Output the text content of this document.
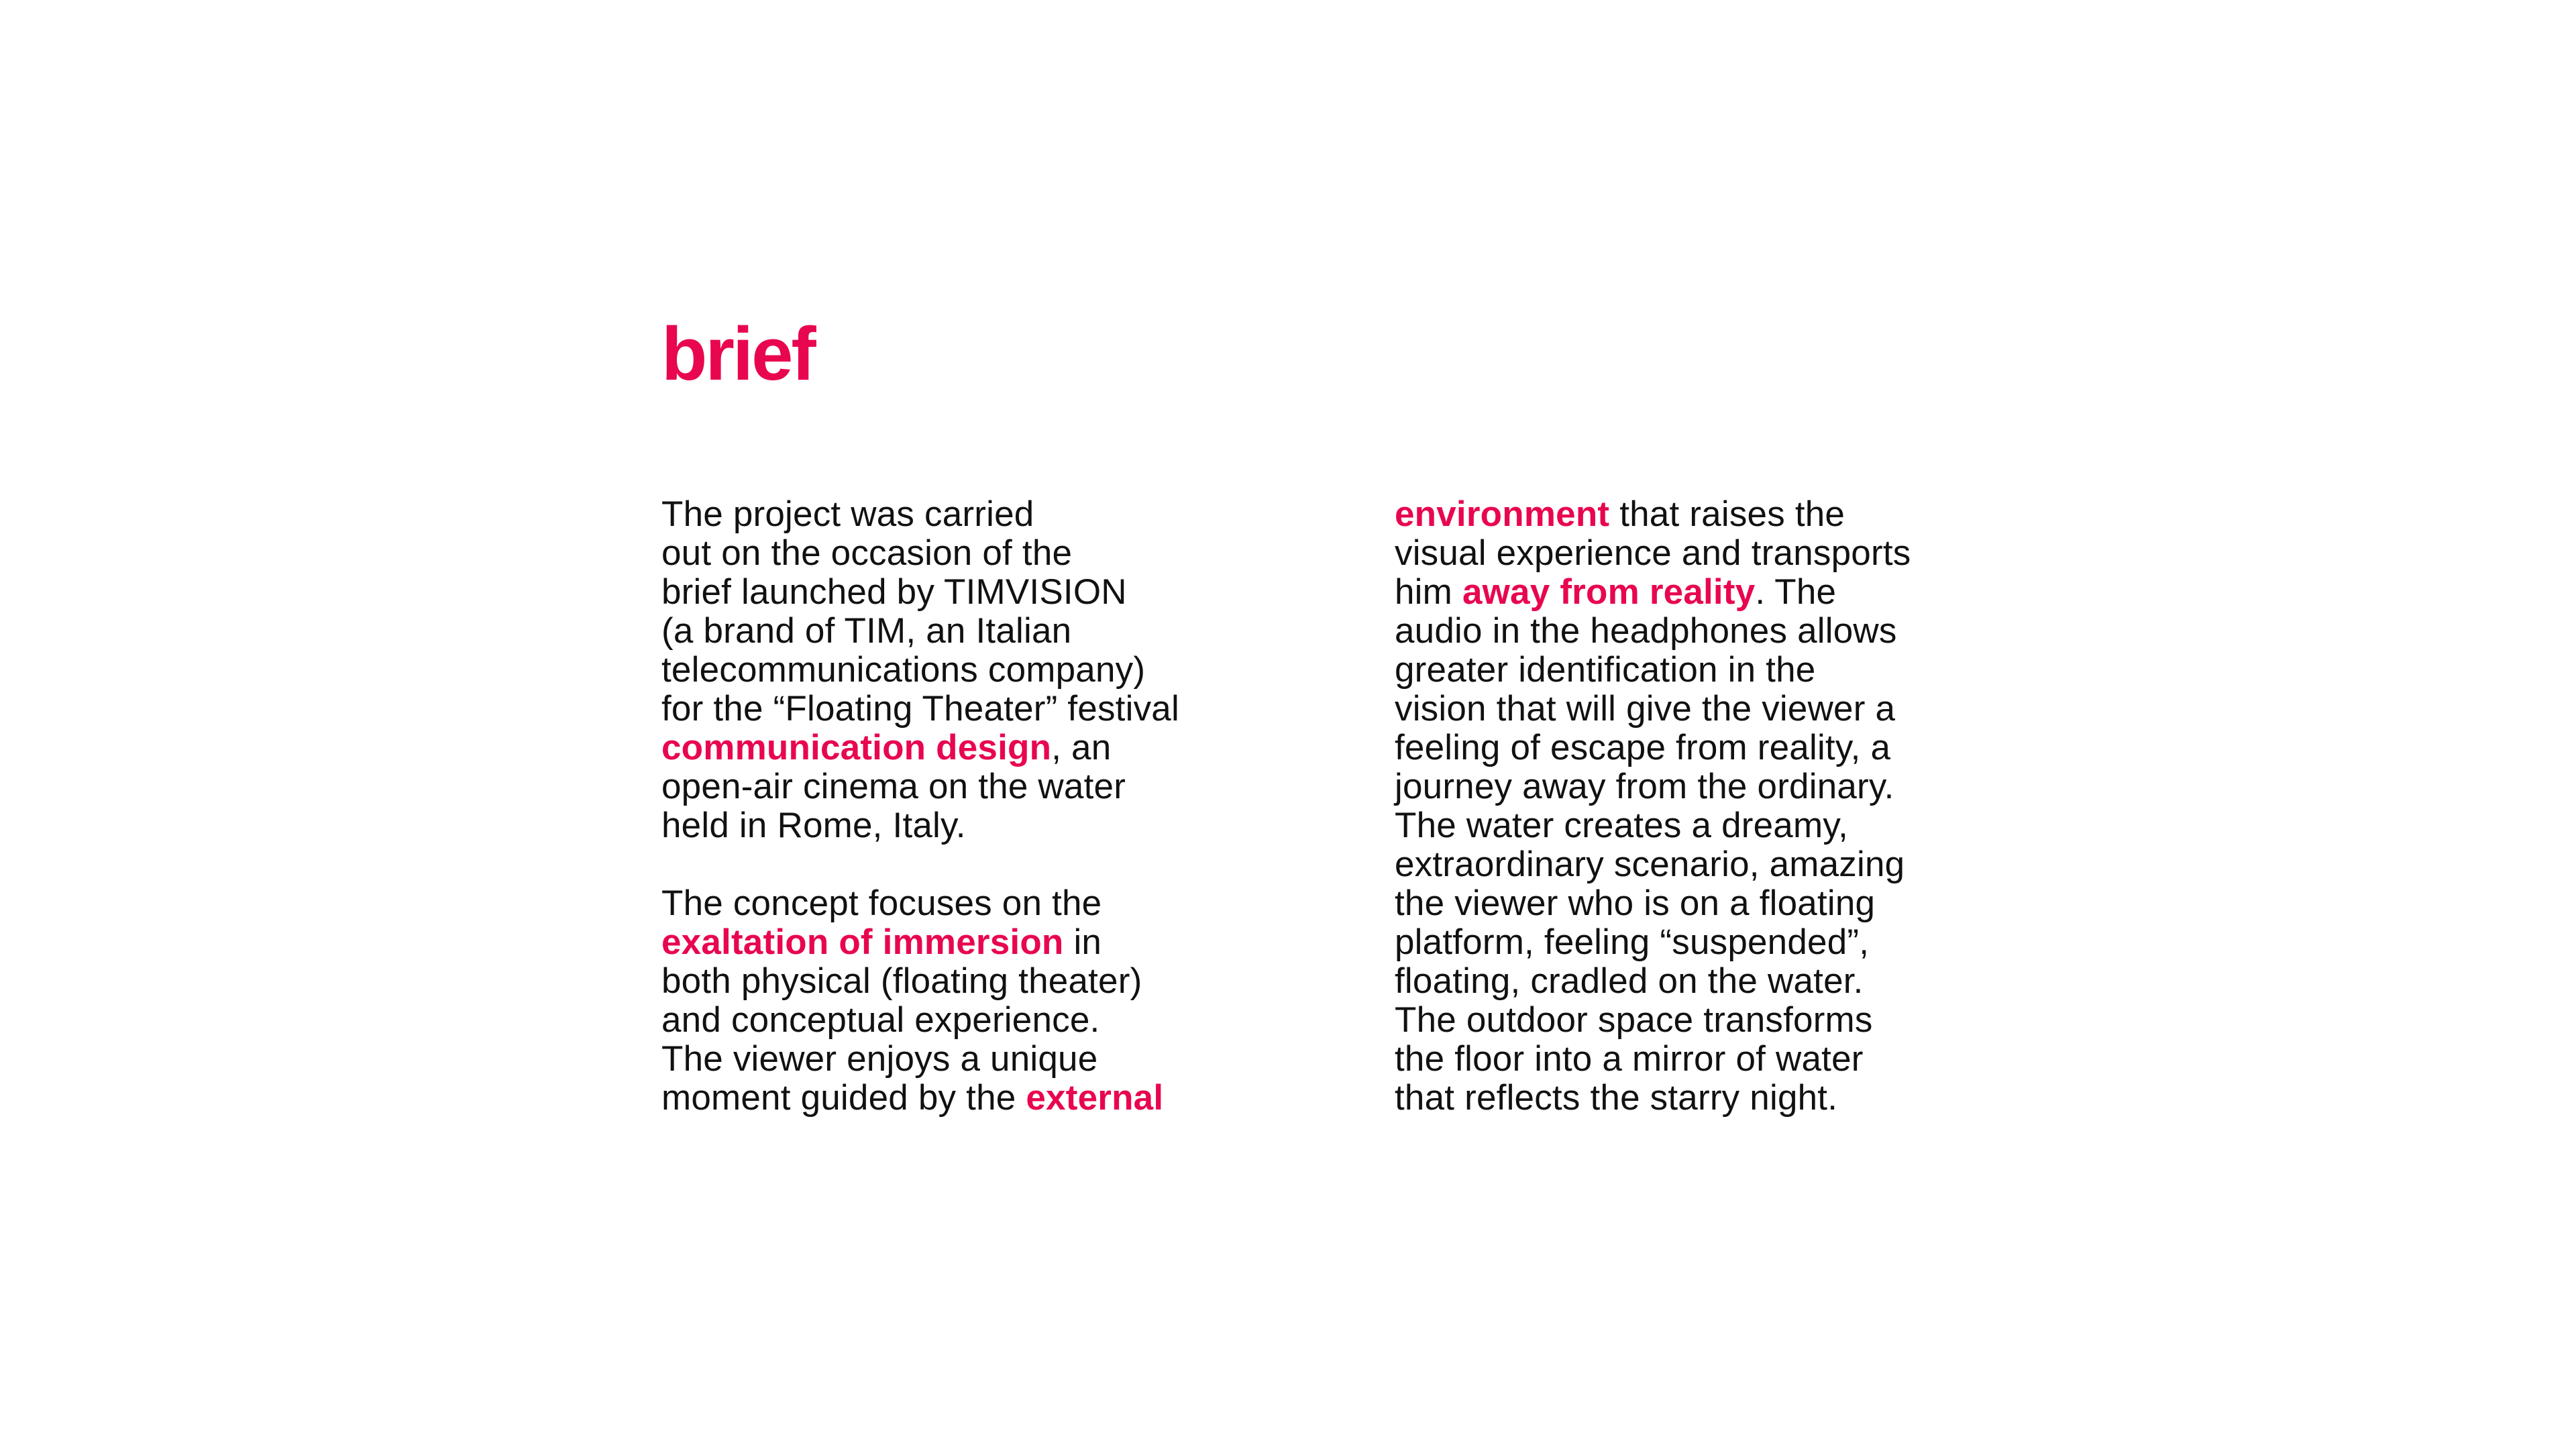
brief
The project was carried
out on the occasion of the
brief launched by TIMVISION
(a brand of TIM, an Italian
telecommunications company)
for the “Floating Theater” festival
communication design, an
open-air cinema on the water
held in Rome, Italy.
The concept focuses on the
exaltation of immersion in
both physical (floating theater)
and conceptual experience.
The viewer enjoys a unique
moment guided by the external
environment that raises the
visual experience and transports
him away from reality. The
audio in the headphones allows
greater identification in the
vision that will give the viewer a
feeling of escape from reality, a
journey away from the ordinary.
The water creates a dreamy,
extraordinary scenario, amazing
the viewer who is on a floating
platform, feeling “suspended”,
floating, cradled on the water.
The outdoor space transforms
the floor into a mirror of water
that reflects the starry night.
